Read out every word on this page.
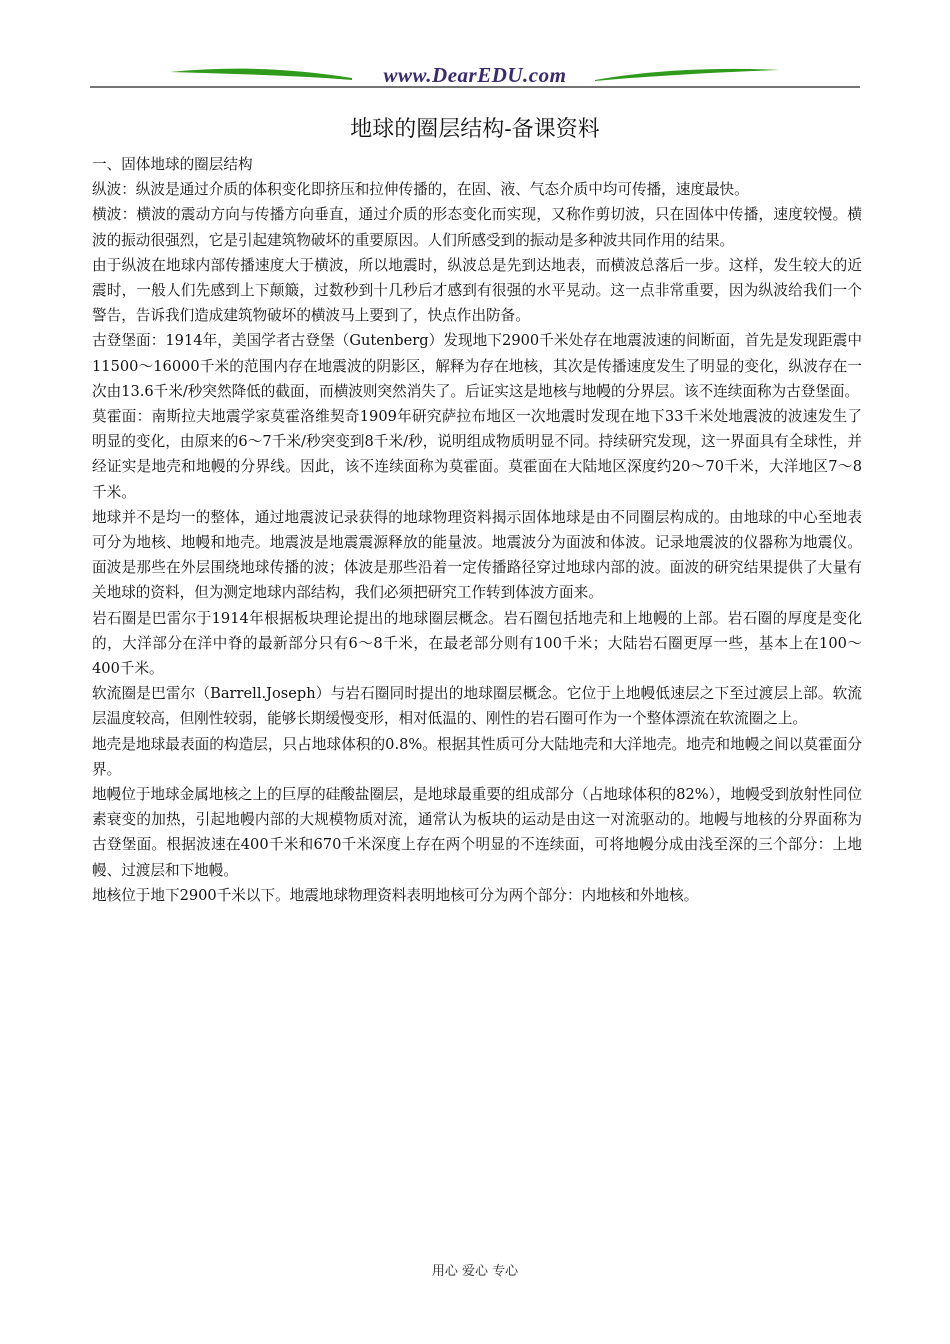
www.DearEDU.com
地球的圈层结构-备课资料

一、固体地球的圈层结构

纵波：纵波是通过介质的体积变化即挤压和拉伸传播的，在固、液、气态介质中均可传播，速度最快。

横波：横波的震动方向与传播方向垂直，通过介质的形态变化而实现，又称作剪切波，只在固体中传播，速度较慢。横波的振动很强烈，它是引起建筑物破坏的重要原因。人们所感受到的振动是多种波共同作用的结果。

由于纵波在地球内部传播速度大于横波，所以地震时，纵波总是先到达地表，而横波总落后一步。这样，发生较大的近震时，一般人们先感到上下颠簸，过数秒到十几秒后才感到有很强的水平晃动。这一点非常重要，因为纵波给我们一个警告，告诉我们造成建筑物破坏的横波马上要到了，快点作出防备。

古登堡面：1914年，美国学者古登堡（Gutenberg）发现地下2900千米处存在地震波速的间断面，首先是发现距震中11500～16000千米的范围内存在地震波的阴影区，解释为存在地核，其次是传播速度发生了明显的变化，纵波存在一次由13.6千米/秒突然降低的截面，而横波则突然消失了。后证实这是地核与地幔的分界层。该不连续面称为古登堡面。

莫霍面：南斯拉夫地震学家莫霍洛维契奇1909年研究萨拉布地区一次地震时发现在地下33千米处地震波的波速发生了明显的变化，由原来的6～7千米/秒突变到8千米/秒，说明组成物质明显不同。持续研究发现，这一界面具有全球性，并经证实是地壳和地幔的分界线。因此，该不连续面称为莫霍面。莫霍面在大陆地区深度约20～70千米，大洋地区7～8千米。

地球并不是均一的整体，通过地震波记录获得的地球物理资料揭示固体地球是由不同圈层构成的。由地球的中心至地表可分为地核、地幔和地壳。地震波是地震震源释放的能量波。地震波分为面波和体波。记录地震波的仪器称为地震仪。面波是那些在外层围绕地球传播的波；体波是那些沿着一定传播路径穿过地球内部的波。面波的研究结果提供了大量有关地球的资料，但为测定地球内部结构，我们必须把研究工作转到体波方面来。

岩石圈是巴雷尔于1914年根据板块理论提出的地球圈层概念。岩石圈包括地壳和上地幔的上部。岩石圈的厚度是变化的，大洋部分在洋中脊的最新部分只有6～8千米，在最老部分则有100千米；大陆岩石圈更厚一些，基本上在100～400千米。

软流圈是巴雷尔（Barrell.Joseph）与岩石圈同时提出的地球圈层概念。它位于上地幔低速层之下至过渡层上部。软流层温度较高，但刚性较弱，能够长期缓慢变形，相对低温的、刚性的岩石圈可作为一个整体漂流在软流圈之上。

地壳是地球最表面的构造层，只占地球体积的0.8%。根据其性质可分大陆地壳和大洋地壳。地壳和地幔之间以莫霍面分界。

地幔位于地球金属地核之上的巨厚的硅酸盐圈层，是地球最重要的组成部分（占地球体积的82%），地幔受到放射性同位素衰变的加热，引起地幔内部的大规模物质对流，通常认为板块的运动是由这一对流驱动的。地幔与地核的分界面称为古登堡面。根据波速在400千米和670千米深度上存在两个明显的不连续面，可将地幔分成由浅至深的三个部分：上地幔、过渡层和下地幔。

地核位于地下2900千米以下。地震地球物理资料表明地核可分为两个部分：内地核和外地核。

用心 爱心 专心
